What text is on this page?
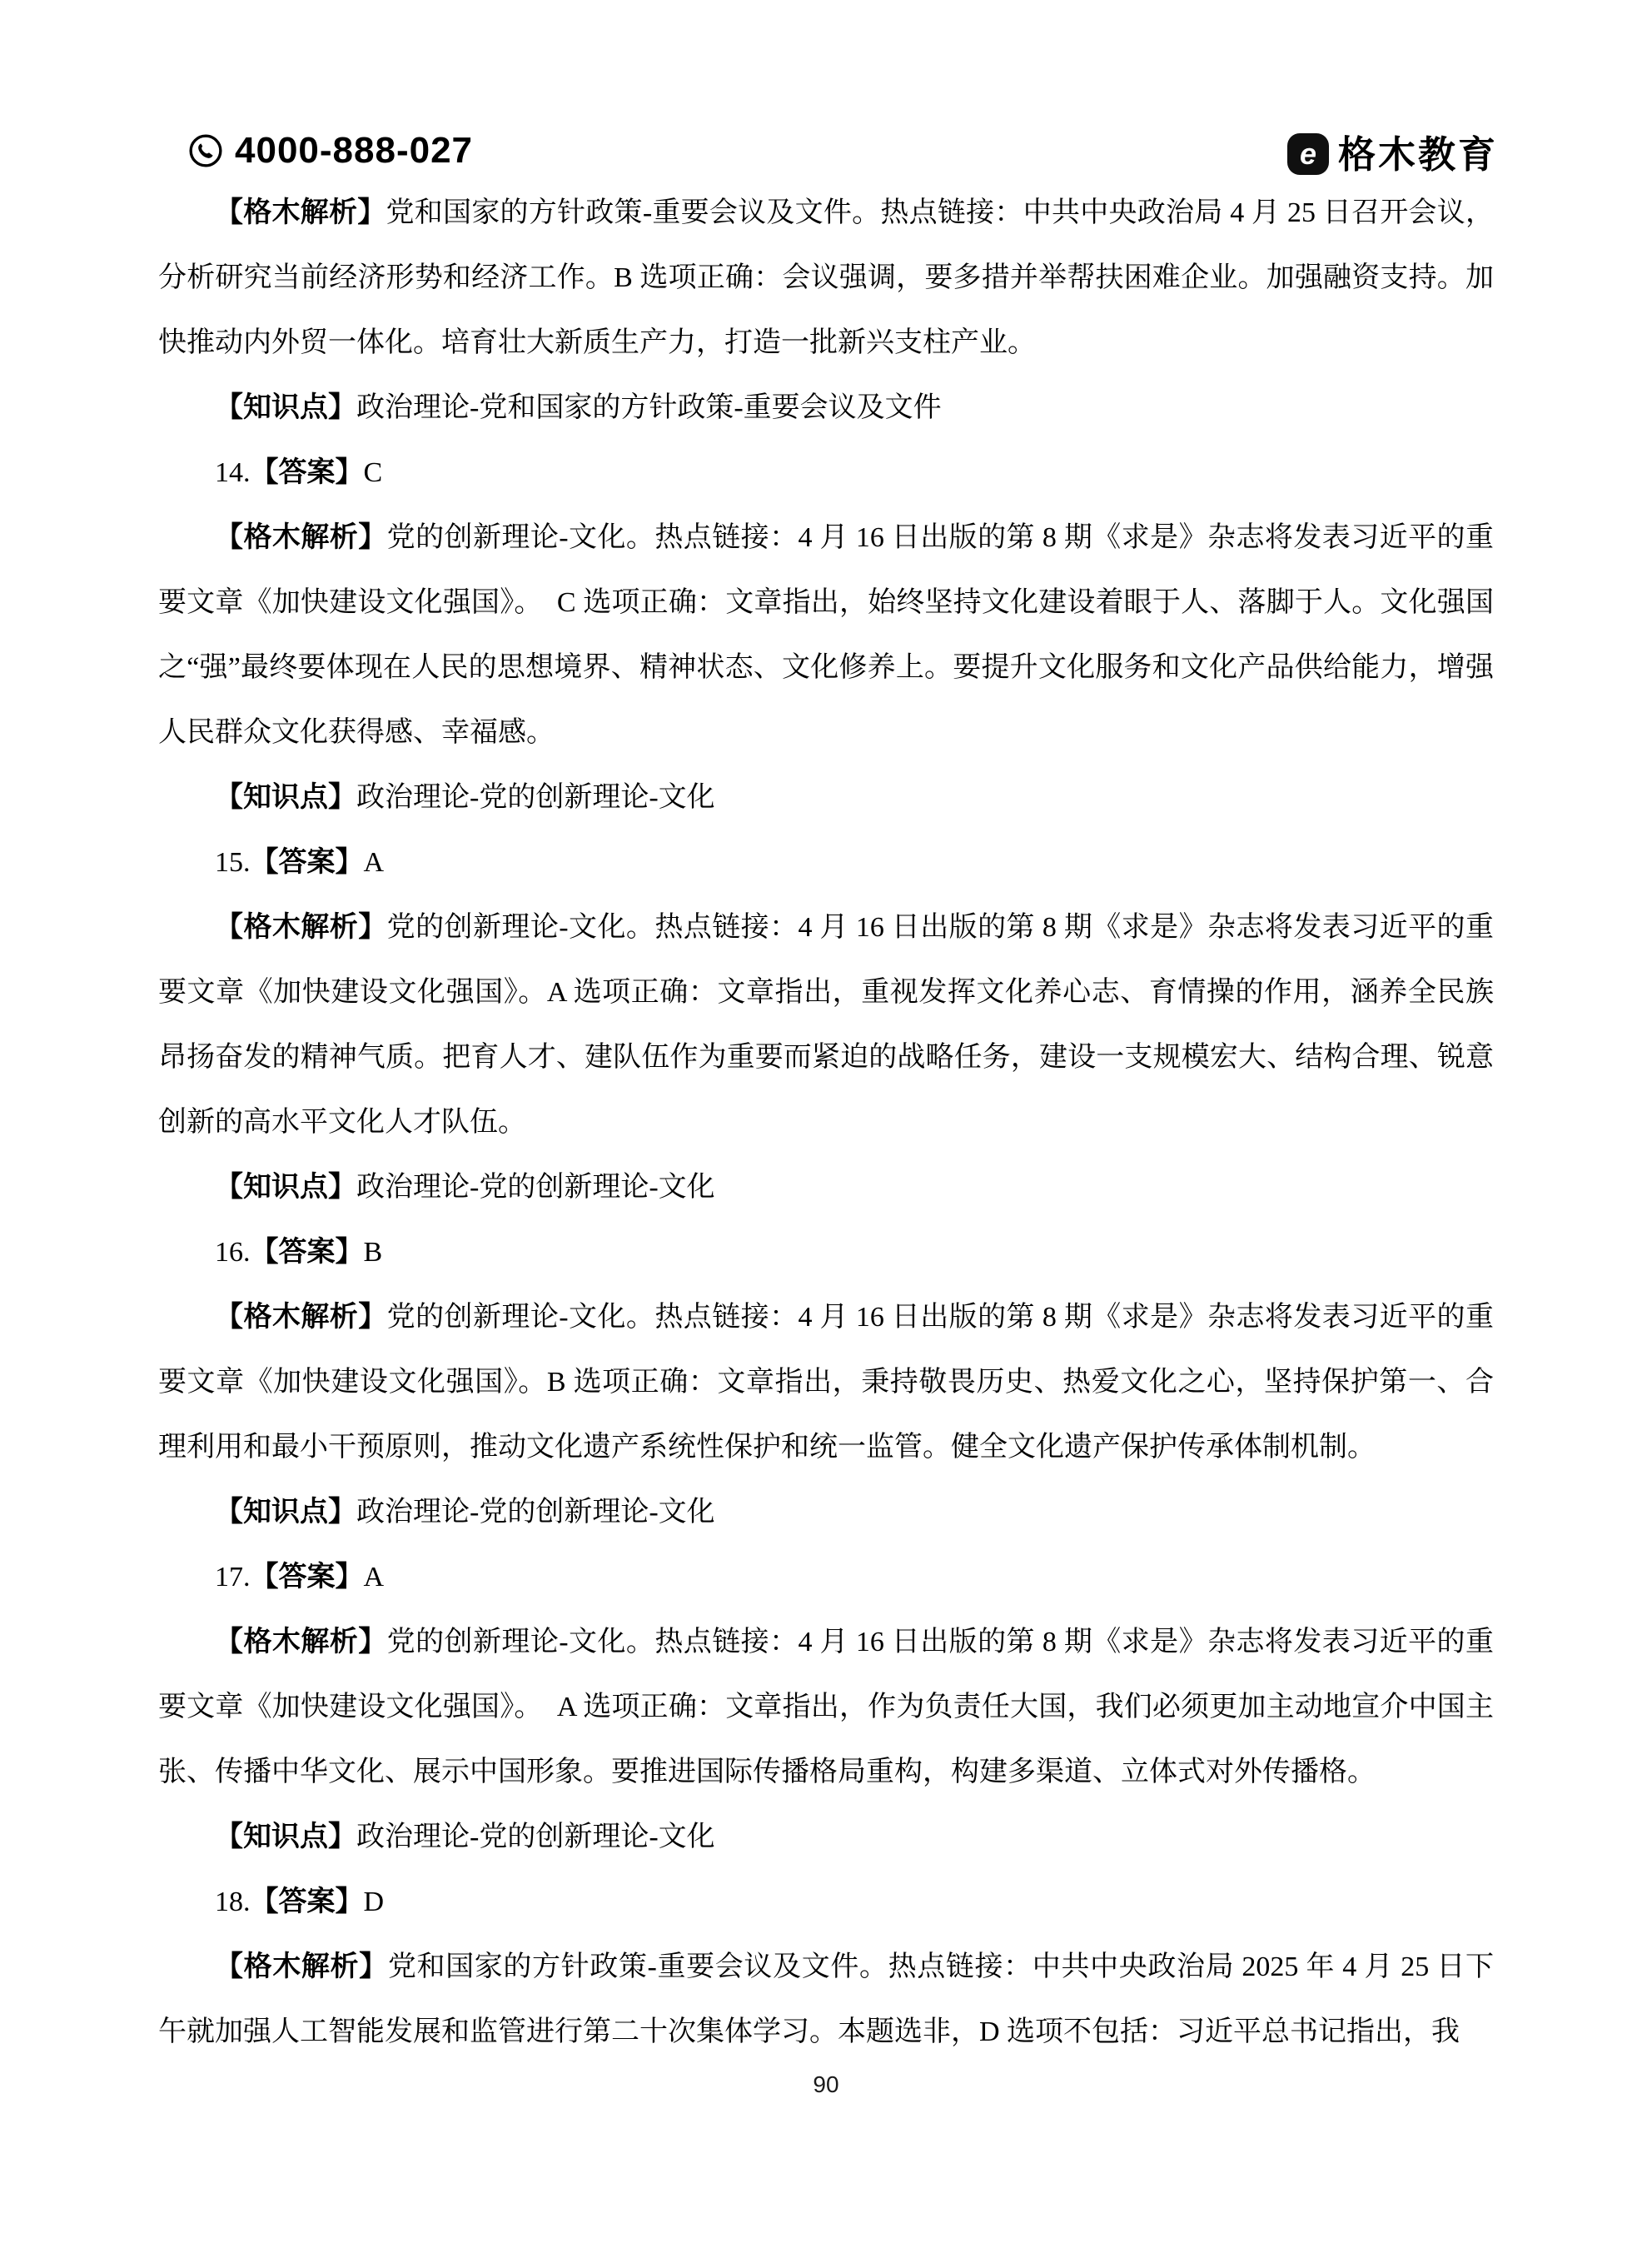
4000-888-027	e 格木教育

【格木解析】党和国家的方针政策-重要会议及文件。热点链接：中共中央政治局 4 月 25 日召开会议，分析研究当前经济形势和经济工作。B 选项正确：会议强调，要多措并举帮扶困难企业。加强融资支持。加快推动内外贸一体化。培育壮大新质生产力，打造一批新兴支柱产业。

【知识点】政治理论-党和国家的方针政策-重要会议及文件

14.【答案】C

【格木解析】党的创新理论-文化。热点链接：4 月 16 日出版的第 8 期《求是》杂志将发表习近平的重要文章《加快建设文化强国》。  C 选项正确：文章指出，始终坚持文化建设着眼于人、落脚于人。文化强国之“强”最终要体现在人民的思想境界、精神状态、文化修养上。要提升文化服务和文化产品供给能力，增强人民群众文化获得感、幸福感。

【知识点】政治理论-党的创新理论-文化

15.【答案】A

【格木解析】党的创新理论-文化。热点链接：4 月 16 日出版的第 8 期《求是》杂志将发表习近平的重要文章《加快建设文化强国》。A 选项正确：文章指出，重视发挥文化养心志、育情操的作用，涵养全民族昂扬奋发的精神气质。把育人才、建队伍作为重要而紧迫的战略任务，建设一支规模宏大、结构合理、锐意创新的高水平文化人才队伍。

【知识点】政治理论-党的创新理论-文化

16.【答案】B

【格木解析】党的创新理论-文化。热点链接：4 月 16 日出版的第 8 期《求是》杂志将发表习近平的重要文章《加快建设文化强国》。B 选项正确：文章指出，秉持敬畏历史、热爱文化之心，坚持保护第一、合理利用和最小干预原则，推动文化遗产系统性保护和统一监管。健全文化遗产保护传承体制机制。

【知识点】政治理论-党的创新理论-文化

17.【答案】A

【格木解析】党的创新理论-文化。热点链接：4 月 16 日出版的第 8 期《求是》杂志将发表习近平的重要文章《加快建设文化强国》。  A 选项正确：文章指出，作为负责任大国，我们必须更加主动地宣介中国主张、传播中华文化、展示中国形象。要推进国际传播格局重构，构建多渠道、立体式对外传播格。

【知识点】政治理论-党的创新理论-文化

18.【答案】D

【格木解析】党和国家的方针政策-重要会议及文件。热点链接：中共中央政治局 2025 年 4 月 25 日下午就加强人工智能发展和监管进行第二十次集体学习。本题选非，D 选项不包括：习近平总书记指出，我

90
